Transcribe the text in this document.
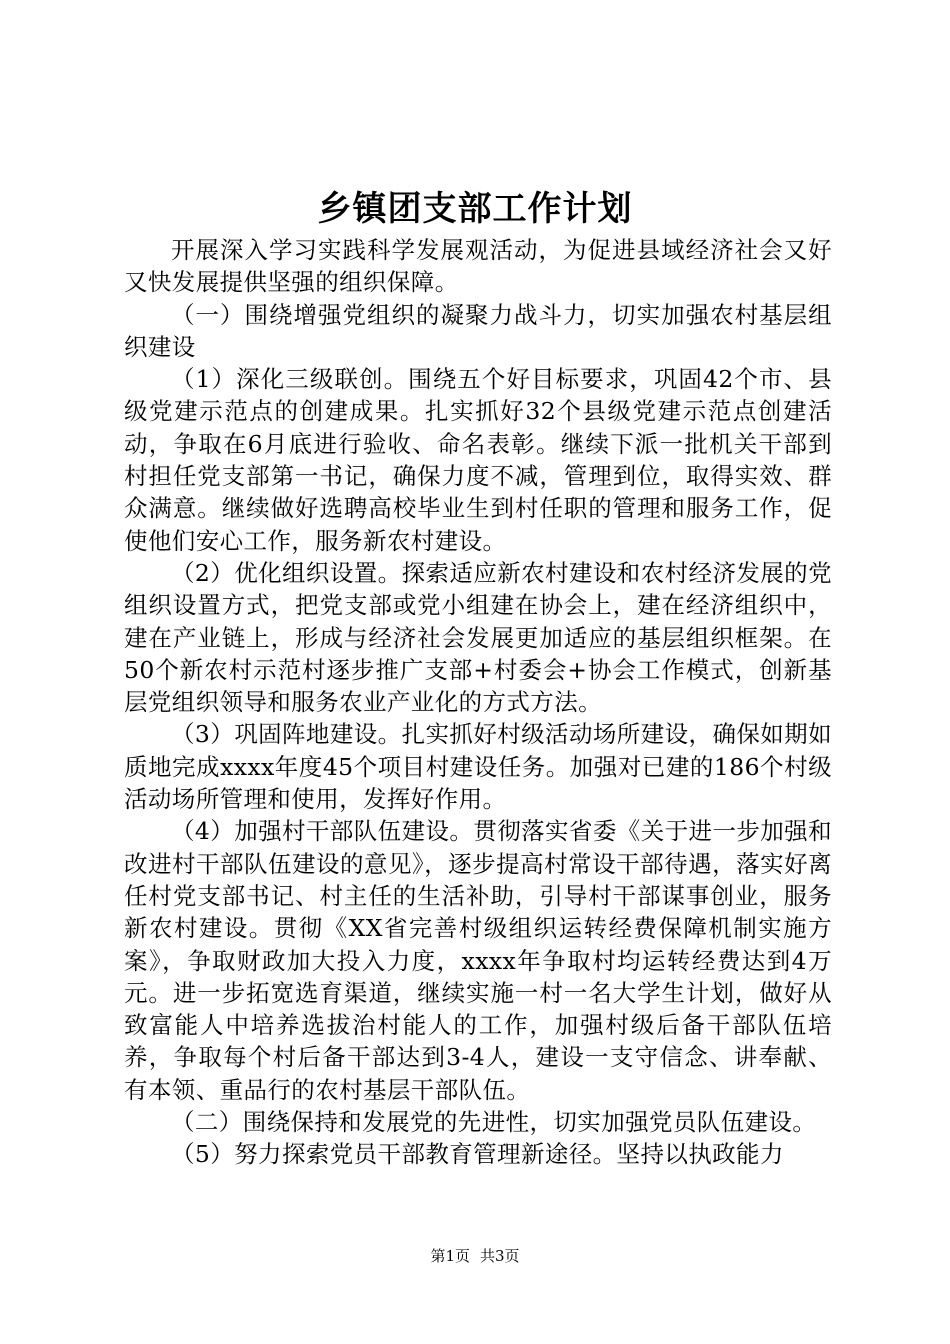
乡镇团支部工作计划

开展深入学习实践科学发展观活动，为促进县域经济社会又好又快发展提供坚强的组织保障。

（一）围绕增强党组织的凝聚力战斗力，切实加强农村基层组织建设

（1）深化三级联创。围绕五个好目标要求，巩固42个市、县级党建示范点的创建成果。扎实抓好32个县级党建示范点创建活动，争取在6月底进行验收、命名表彰。继续下派一批机关干部到村担任党支部第一书记，确保力度不减，管理到位，取得实效、群众满意。继续做好选聘高校毕业生到村任职的管理和服务工作，促使他们安心工作，服务新农村建设。

（2）优化组织设置。探索适应新农村建设和农村经济发展的党组织设置方式，把党支部或党小组建在协会上，建在经济组织中，建在产业链上，形成与经济社会发展更加适应的基层组织框架。在50个新农村示范村逐步推广支部+村委会+协会工作模式，创新基层党组织领导和服务农业产业化的方式方法。

（3）巩固阵地建设。扎实抓好村级活动场所建设，确保如期如质地完成xxxx年度45个项目村建设任务。加强对已建的186个村级活动场所管理和使用，发挥好作用。

（4）加强村干部队伍建设。贯彻落实省委《关于进一步加强和改进村干部队伍建设的意见》，逐步提高村常设干部待遇，落实好离任村党支部书记、村主任的生活补助，引导村干部谋事创业，服务新农村建设。贯彻《XX省完善村级组织运转经费保障机制实施方案》，争取财政加大投入力度，xxxx年争取村均运转经费达到4万元。进一步拓宽选育渠道，继续实施一村一名大学生计划，做好从致富能人中培养选拔治村能人的工作，加强村级后备干部队伍培养，争取每个村后备干部达到3-4人，建设一支守信念、讲奉献、有本领、重品行的农村基层干部队伍。

（二）围绕保持和发展党的先进性，切实加强党员队伍建设。

（5）努力探索党员干部教育管理新途径。坚持以执政能力

第1页 共3页
